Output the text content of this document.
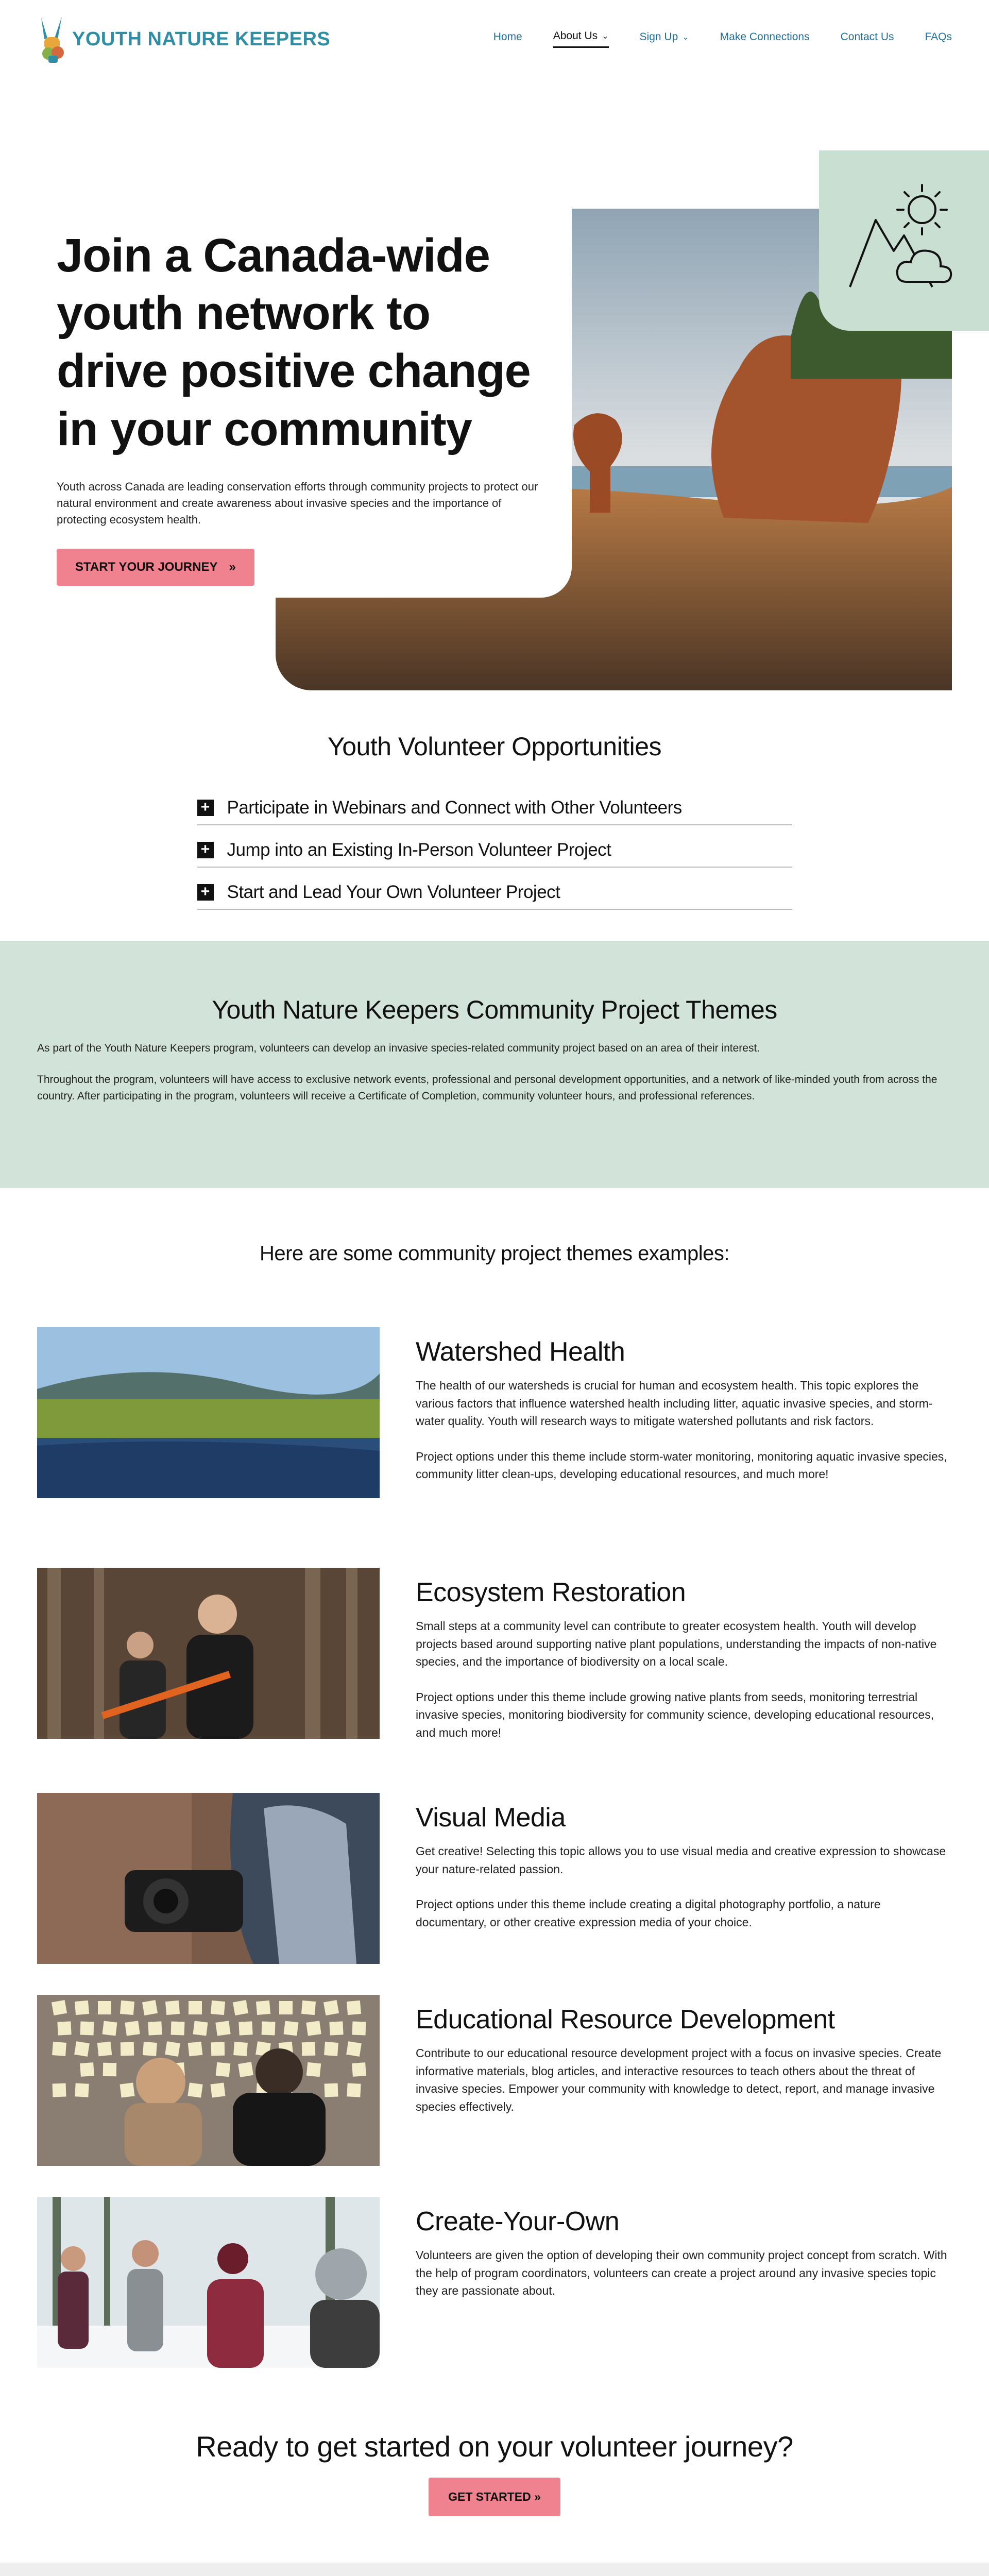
YOUTH NATURE KEEPERS	Home	About Us ⌄	Sign Up ⌄	Make Connections	Contact Us	FAQs
Join a Canada-wide youth network to drive positive change in your community

Youth across Canada are leading conservation efforts through community projects to protect our natural environment and create awareness about invasive species and the importance of protecting ecosystem health.

START YOUR JOURNEY »
Youth Volunteer Opportunities
+ Participate in Webinars and Connect with Other Volunteers
+ Jump into an Existing In-Person Volunteer Project
+ Start and Lead Your Own Volunteer Project
Youth Nature Keepers Community Project Themes

As part of the Youth Nature Keepers program, volunteers can develop an invasive species-related community project based on an area of their interest.

Throughout the program, volunteers will have access to exclusive network events, professional and personal development opportunities, and a network of like-minded youth from across the country. After participating in the program, volunteers will receive a Certificate of Completion, community volunteer hours, and professional references.

Here are some community project themes examples:
Watershed Health

The health of our watersheds is crucial for human and ecosystem health. This topic explores the various factors that influence watershed health including litter, aquatic invasive species, and storm-water quality. Youth will research ways to mitigate watershed pollutants and risk factors.

Project options under this theme include storm-water monitoring, monitoring aquatic invasive species, community litter clean-ups, developing educational resources, and much more!

Ecosystem Restoration

Small steps at a community level can contribute to greater ecosystem health. Youth will develop projects based around supporting native plant populations, understanding the impacts of non-native species, and the importance of biodiversity on a local scale.

Project options under this theme include growing native plants from seeds, monitoring terrestrial invasive species, monitoring biodiversity for community science, developing educational resources, and much more!

Visual Media

Get creative! Selecting this topic allows you to use visual media and creative expression to showcase your nature-related passion.

Project options under this theme include creating a digital photography portfolio, a nature documentary, or other creative expression media of your choice.

Educational Resource Development

Contribute to our educational resource development project with a focus on invasive species. Create informative materials, blog articles, and interactive resources to teach others about the threat of invasive species. Empower your community with knowledge to detect, report, and manage invasive species effectively.

Create-Your-Own

Volunteers are given the option of developing their own community project concept from scratch. With the help of program coordinators, volunteers can create a project around any invasive species topic they are passionate about.

Ready to get started on your volunteer journey?
GET STARTED »
